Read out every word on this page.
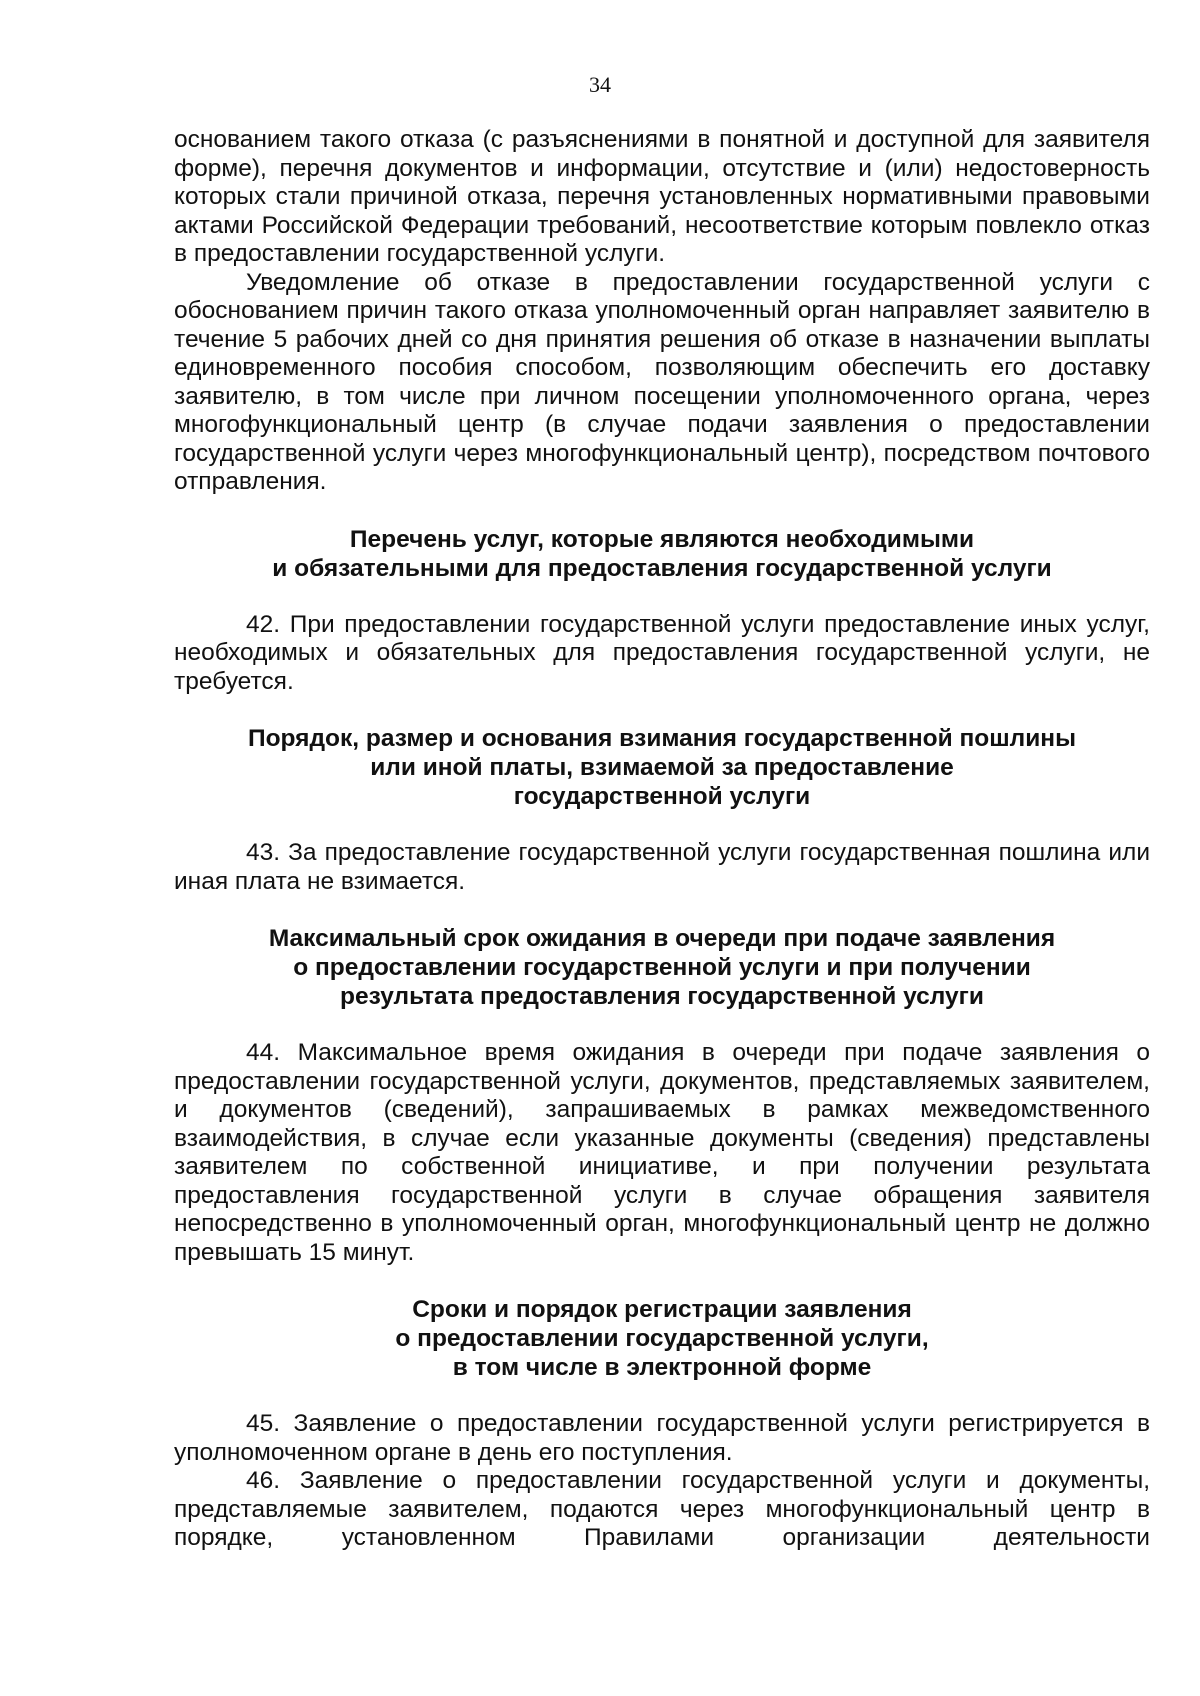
34

основанием такого отказа (с разъяснениями в понятной и доступной для заявителя форме), перечня документов и информации, отсутствие и (или) недостоверность которых стали причиной отказа, перечня установленных нормативными правовыми актами Российской Федерации требований, несоответствие которым повлекло отказ в предоставлении государственной услуги.

Уведомление об отказе в предоставлении государственной услуги с обоснованием причин такого отказа уполномоченный орган направляет заявителю в течение 5 рабочих дней со дня принятия решения об отказе в назначении выплаты единовременного пособия способом, позволяющим обеспечить его доставку заявителю, в том числе при личном посещении уполномоченного органа, через многофункциональный центр (в случае подачи заявления о предоставлении государственной услуги через многофункциональный центр), посредством почтового отправления.

Перечень услуг, которые являются необходимыми
и обязательными для предоставления государственной услуги

42. При предоставлении государственной услуги предоставление иных услуг, необходимых и обязательных для предоставления государственной услуги, не требуется.

Порядок, размер и основания взимания государственной пошлины
или иной платы, взимаемой за предоставление
государственной услуги

43. За предоставление государственной услуги государственная пошлина или иная плата не взимается.

Максимальный срок ожидания в очереди при подаче заявления
о предоставлении государственной услуги и при получении
результата предоставления государственной услуги

44. Максимальное время ожидания в очереди при подаче заявления о предоставлении государственной услуги, документов, представляемых заявителем, и документов (сведений), запрашиваемых в рамках межведомственного взаимодействия, в случае если указанные документы (сведения) представлены заявителем по собственной инициативе, и при получении результата предоставления государственной услуги в случае обращения заявителя непосредственно в уполномоченный орган, многофункциональный центр не должно превышать 15 минут.

Сроки и порядок регистрации заявления
о предоставлении государственной услуги,
в том числе в электронной форме

45. Заявление о предоставлении государственной услуги регистрируется в уполномоченном органе в день его поступления.

46. Заявление о предоставлении государственной услуги и документы, представляемые заявителем, подаются через многофункциональный центр в порядке, установленном Правилами организации деятельности
